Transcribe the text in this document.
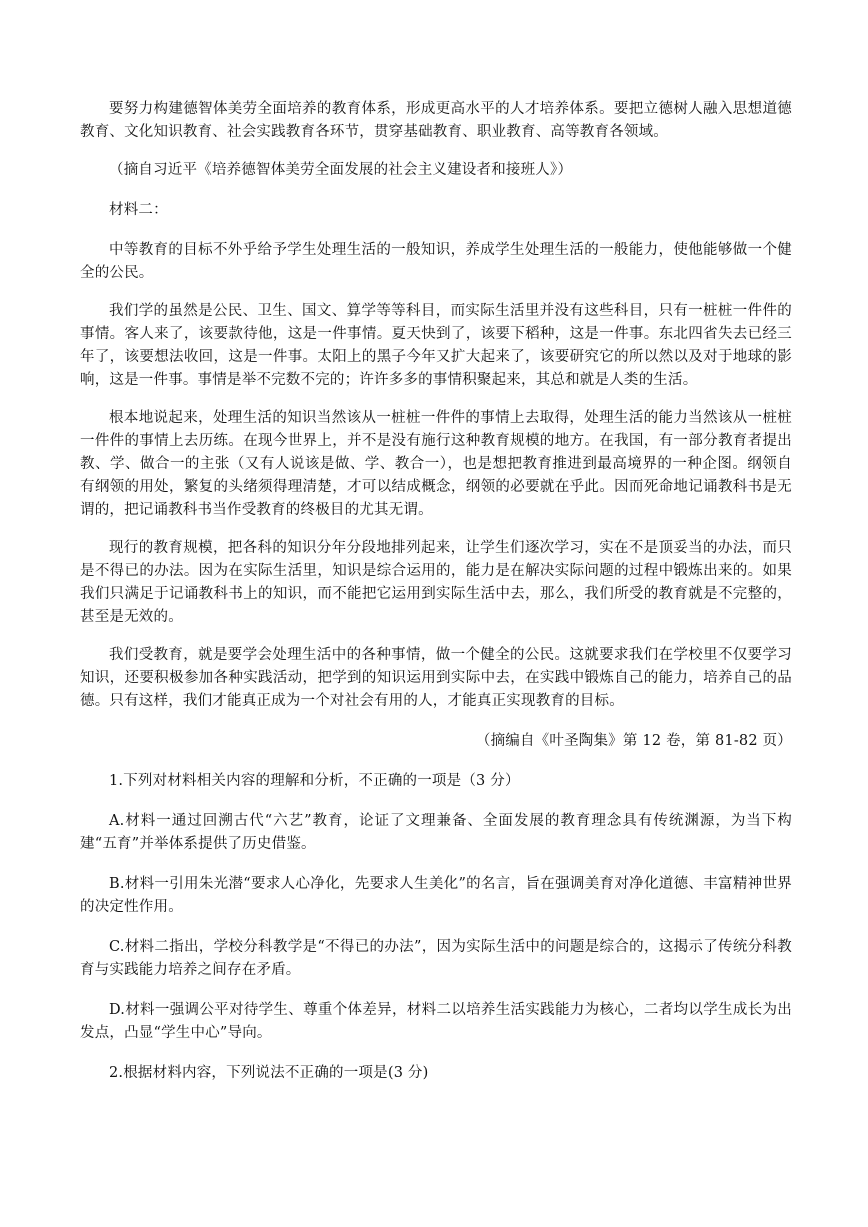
要努力构建德智体美劳全面培养的教育体系，形成更高水平的人才培养体系。要把立德树人融入思想道德教育、文化知识教育、社会实践教育各环节，贯穿基础教育、职业教育、高等教育各领域。

（摘自习近平《培养德智体美劳全面发展的社会主义建设者和接班人》）

材料二：

中等教育的目标不外乎给予学生处理生活的一般知识，养成学生处理生活的一般能力，使他能够做一个健全的公民。

我们学的虽然是公民、卫生、国文、算学等等科目，而实际生活里并没有这些科目，只有一桩桩一件件的事情。客人来了，该要款待他，这是一件事情。夏天快到了，该要下稻种，这是一件事。东北四省失去已经三年了，该要想法收回，这是一件事。太阳上的黑子今年又扩大起来了，该要研究它的所以然以及对于地球的影响，这是一件事。事情是举不完数不完的；许许多多的事情积聚起来，其总和就是人类的生活。

根本地说起来，处理生活的知识当然该从一桩桩一件件的事情上去取得，处理生活的能力当然该从一桩桩一件件的事情上去历练。在现今世界上，并不是没有施行这种教育规模的地方。在我国，有一部分教育者提出教、学、做合一的主张（又有人说该是做、学、教合一），也是想把教育推进到最高境界的一种企图。纲领自有纲领的用处，繁复的头绪须得理清楚，才可以结成概念，纲领的必要就在乎此。因而死命地记诵教科书是无谓的，把记诵教科书当作受教育的终极目的尤其无谓。

现行的教育规模，把各科的知识分年分段地排列起来，让学生们逐次学习，实在不是顶妥当的办法，而只是不得已的办法。因为在实际生活里，知识是综合运用的，能力是在解决实际问题的过程中锻炼出来的。如果我们只满足于记诵教科书上的知识，而不能把它运用到实际生活中去，那么，我们所受的教育就是不完整的，甚至是无效的。

我们受教育，就是要学会处理生活中的各种事情，做一个健全的公民。这就要求我们在学校里不仅要学习知识，还要积极参加各种实践活动，把学到的知识运用到实际中去，在实践中锻炼自己的能力，培养自己的品德。只有这样，我们才能真正成为一个对社会有用的人，才能真正实现教育的目标。

（摘编自《叶圣陶集》第 12 卷，第 81-82 页）

1.下列对材料相关内容的理解和分析，不正确的一项是（3 分）

A.材料一通过回溯古代“六艺”教育，论证了文理兼备、全面发展的教育理念具有传统渊源，为当下构建“五育”并举体系提供了历史借鉴。

B.材料一引用朱光潜“要求人心净化，先要求人生美化”的名言，旨在强调美育对净化道德、丰富精神世界的决定性作用。

C.材料二指出，学校分科教学是“不得已的办法”，因为实际生活中的问题是综合的，这揭示了传统分科教育与实践能力培养之间存在矛盾。

D.材料一强调公平对待学生、尊重个体差异，材料二以培养生活实践能力为核心，二者均以学生成长为出发点，凸显“学生中心”导向。

2.根据材料内容，下列说法不正确的一项是(3 分)
